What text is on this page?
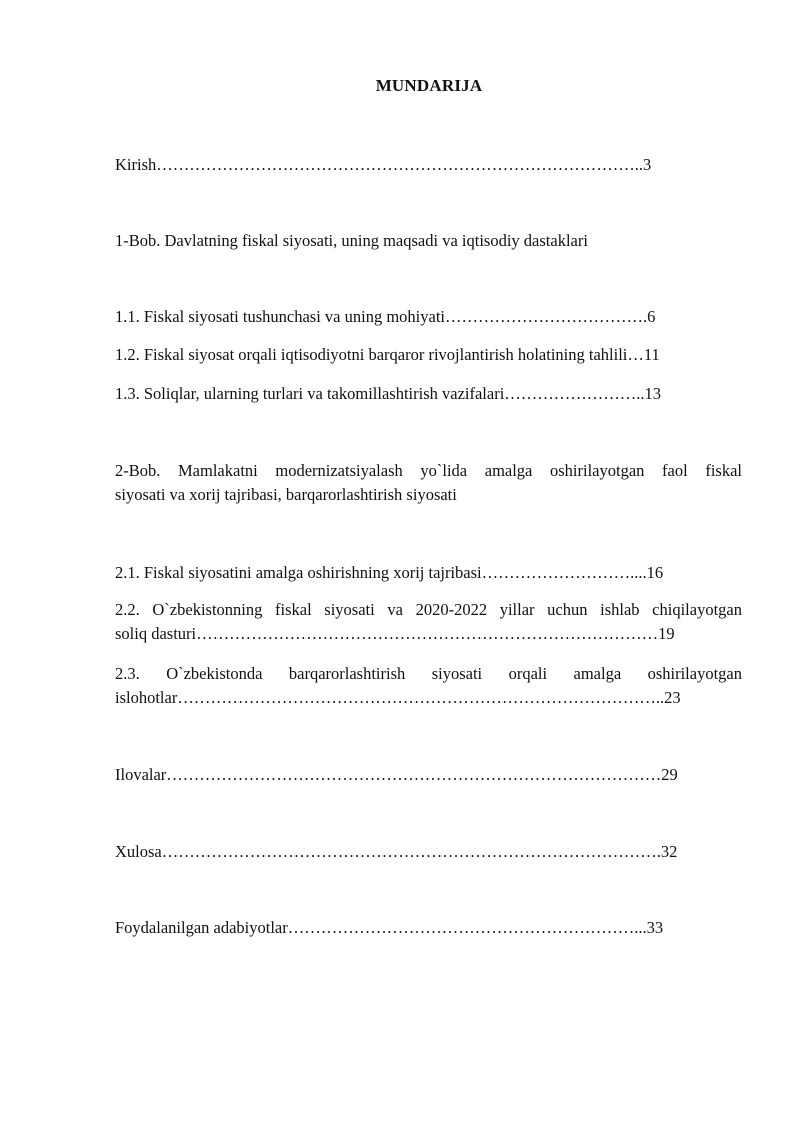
MUNDARIJA
Kirish……………………………………………………………………………..3
1-Bob. Davlatning fiskal siyosati, uning maqsadi va iqtisodiy dastaklari
1.1. Fiskal siyosati tushunchasi va uning mohiyati……………………………….6
1.2. Fiskal siyosat orqali iqtisodiyotni barqaror rivojlantirish holatining tahlili…11
1.3. Soliqlar, ularning turlari va takomillashtirish vazifalari……………………..13
2-Bob. Mamlakatni modernizatsiyalash yo`lida amalga oshirilayotgan faol fiskal
siyosati va xorij tajribasi, barqarorlashtirish siyosati
2.1. Fiskal siyosatini amalga oshirishning xorij tajribasi………………………....16
2.2. O`zbekistonning fiskal siyosati va 2020-2022 yillar uchun ishlab chiqilayotgan
soliq dasturi…………………………………………………………………………19
2.3. O`zbekistonda barqarorlashtirish siyosati orqali amalga oshirilayotgan
islohotlar……………………………………………………………………………..23
Ilovalar………………………………………………………………………………29
Xulosa……………………………………………………………………………….32
Foydalanilgan adabiyotlar………………………………………………………...33
